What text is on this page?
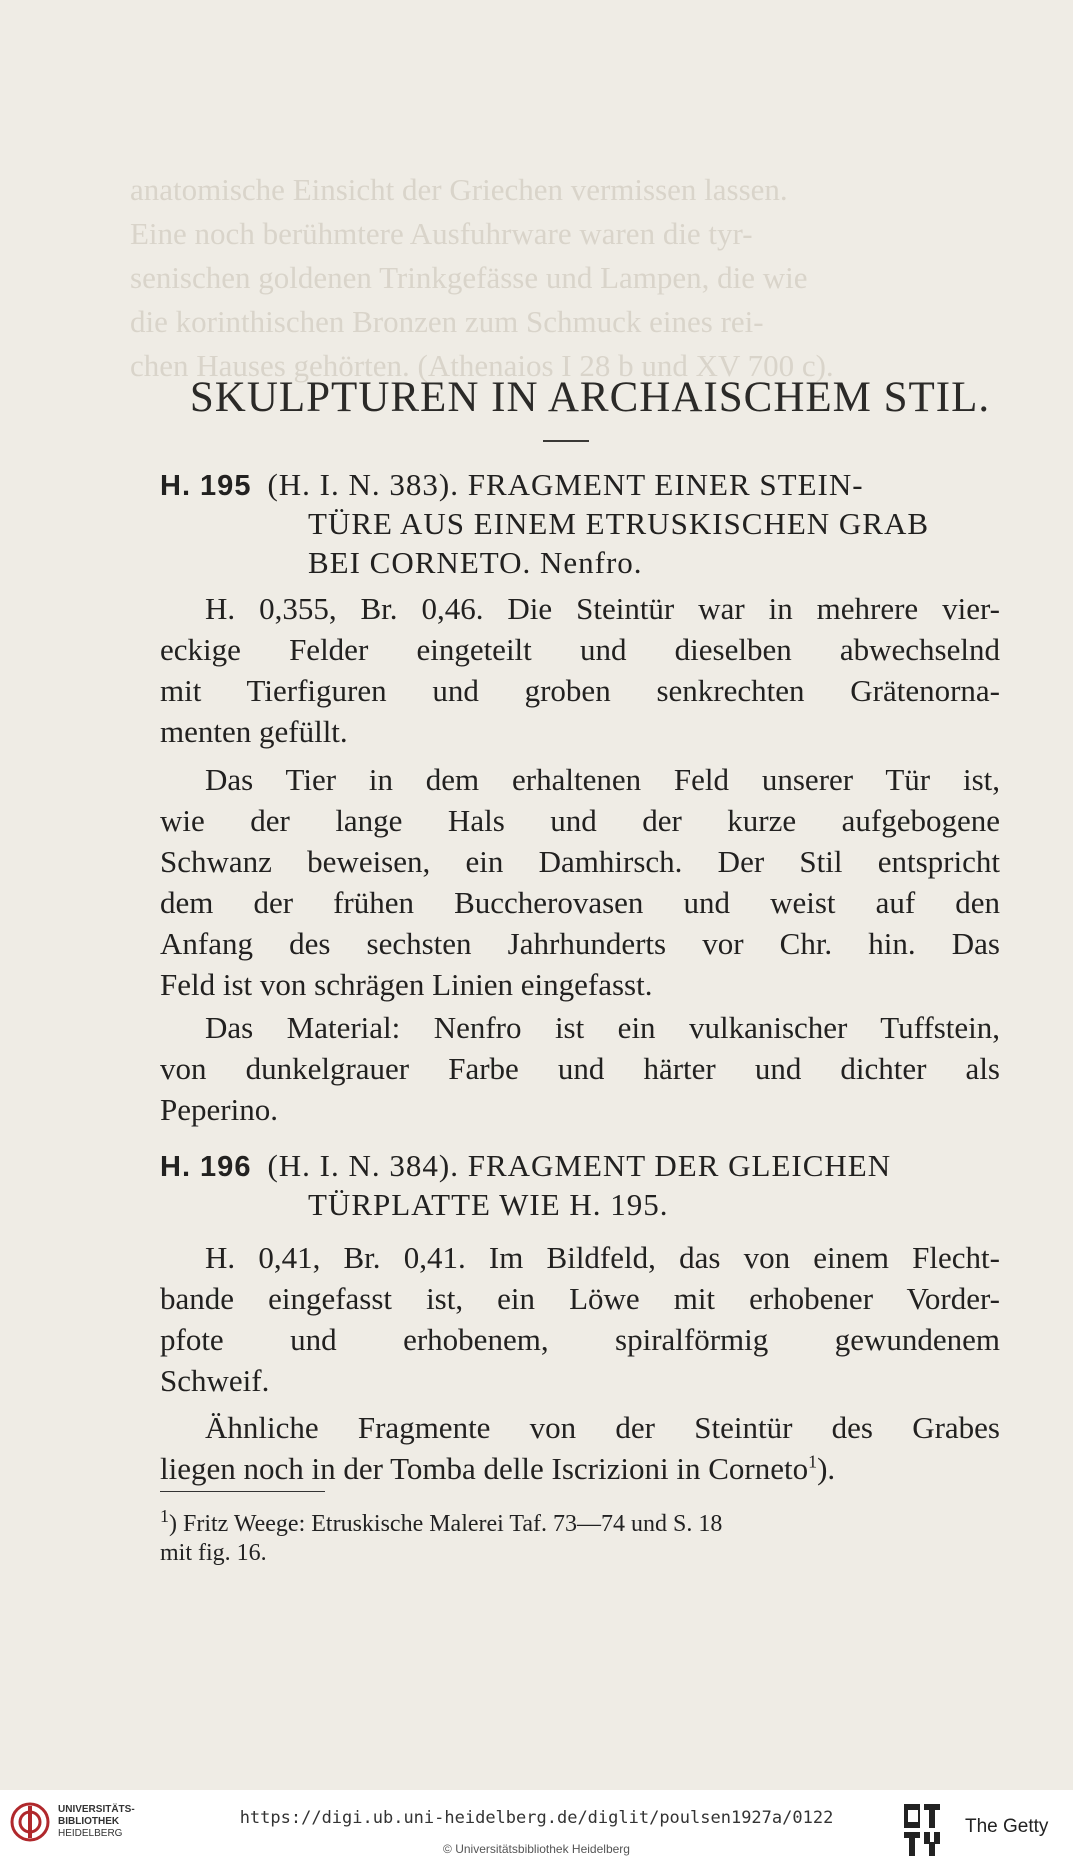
anatomische Einsicht der Griechen vermissen lassen.
Eine noch berühmtere Ausfuhrware waren die tyr-
senischen goldenen Trinkgefässe und Lampen, die wie
die korinthischen Bronzen zum Schmuck eines rei-
chen Hauses gehörten. (Athenaios I 28 b und XV 700 c).
SKULPTUREN IN ARCHAISCHEM STIL.
H. 195 (H. I. N. 383). FRAGMENT EINER STEIN-
TÜRE AUS EINEM ETRUSKISCHEN GRAB
BEI CORNETO. Nenfro.
H. 0,355, Br. 0,46. Die Steintür war in mehrere vier-
eckige Felder eingeteilt und dieselben abwechselnd
mit Tierfiguren und groben senkrechten Grätenorna-
menten gefüllt.
Das Tier in dem erhaltenen Feld unserer Tür ist,
wie der lange Hals und der kurze aufgebogene
Schwanz beweisen, ein Damhirsch. Der Stil entspricht
dem der frühen Buccherovasen und weist auf den
Anfang des sechsten Jahrhunderts vor Chr. hin. Das
Feld ist von schrägen Linien eingefasst.
Das Material: Nenfro ist ein vulkanischer Tuffstein,
von dunkelgrauer Farbe und härter und dichter als
Peperino.
H. 196 (H. I. N. 384). FRAGMENT DER GLEICHEN
TÜRPLATTE WIE H. 195.
H. 0,41, Br. 0,41. Im Bildfeld, das von einem Flecht-
bande eingefasst ist, ein Löwe mit erhobener Vorder-
pfote und erhobenem, spiralförmig gewundenem
Schweif.
Ähnliche Fragmente von der Steintür des Grabes
liegen noch in der Tomba delle Iscrizioni in Corneto$^1$).
$^1$) Fritz Weege: Etruskische Malerei Taf. 73—74 und S. 18
mit fig. 16.
UNIVERSITÄTS-
BIBLIOTHEK
HEIDELBERG
https://digi.ub.uni-heidelberg.de/diglit/poulsen1927a/0122
© Universitätsbibliothek Heidelberg
The Getty
